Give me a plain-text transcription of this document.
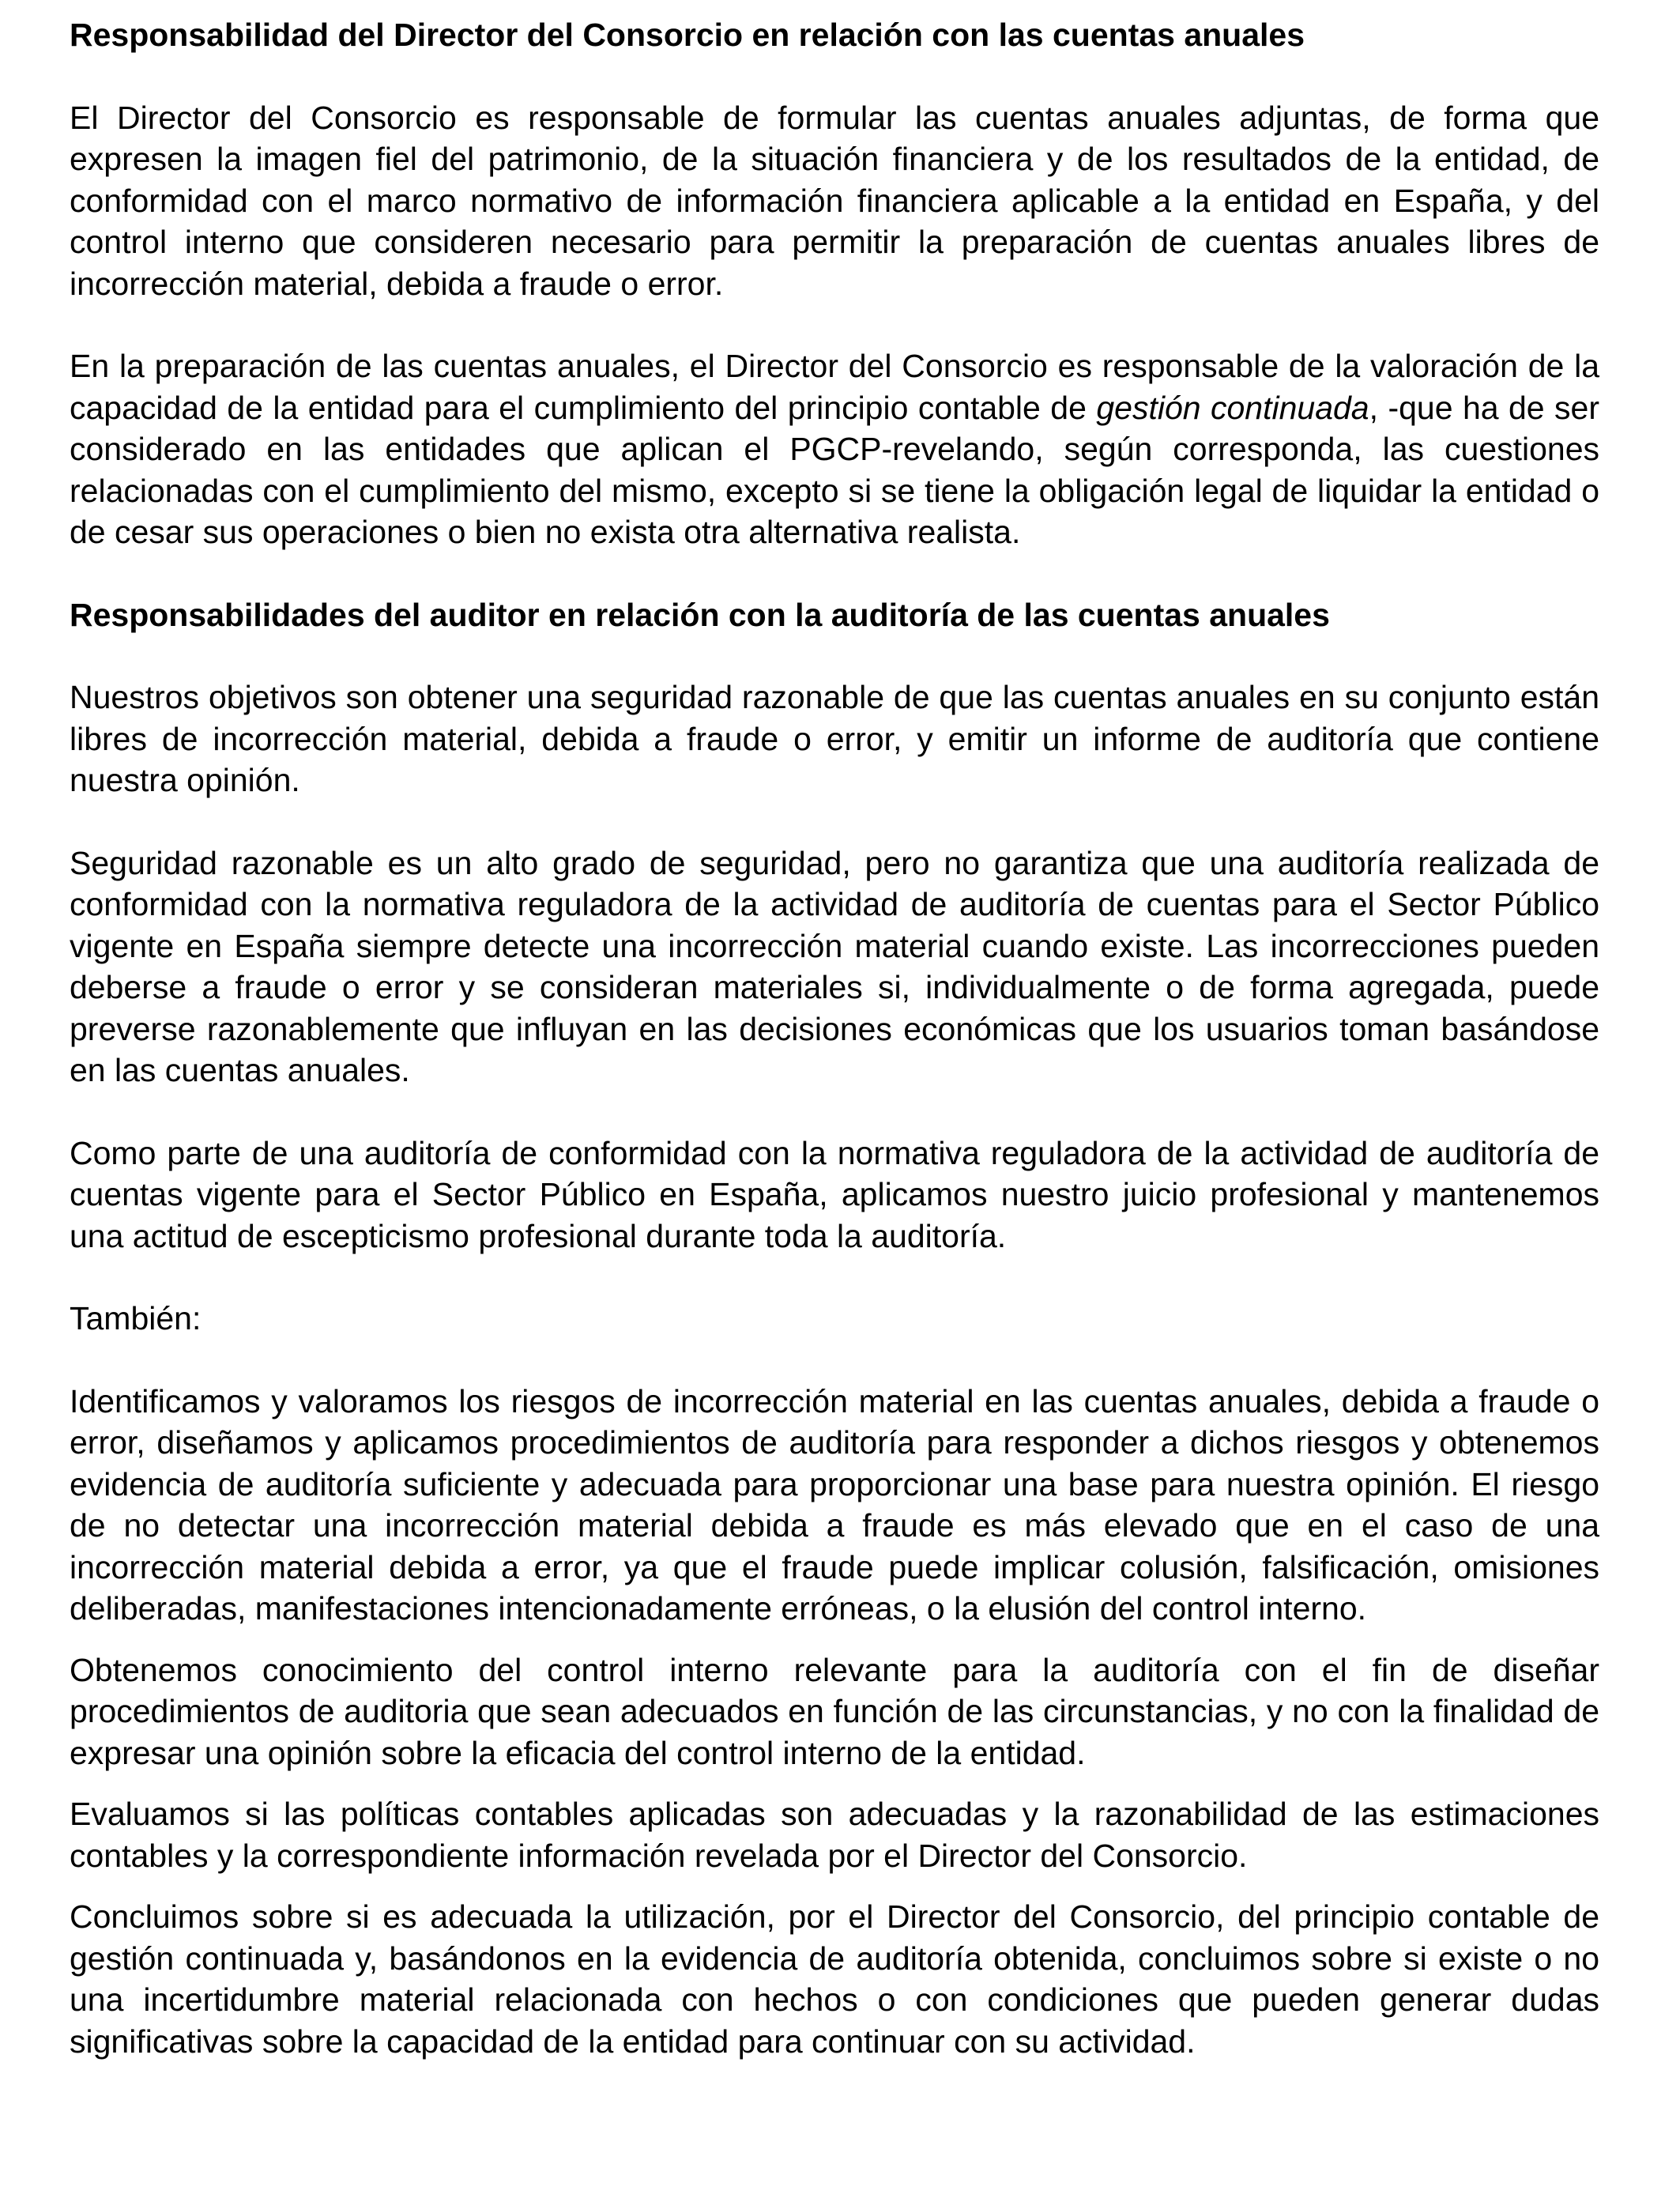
Responsabilidad del Director del Consorcio en relación con las cuentas anuales

El Director del Consorcio es responsable de formular las cuentas anuales adjuntas, de forma que expresen la imagen fiel del patrimonio, de la situación financiera y de los resultados de la entidad, de conformidad con el marco normativo de información financiera aplicable a la entidad en España, y del control interno que consideren necesario para permitir la preparación de cuentas anuales libres de incorrección material, debida a fraude o error.

En la preparación de las cuentas anuales, el Director del Consorcio es responsable de la valoración de la capacidad de la entidad para el cumplimiento del principio contable de gestión continuada, -que ha de ser considerado en las entidades que aplican el PGCP-revelando, según corresponda, las cuestiones relacionadas con el cumplimiento del mismo, excepto si se tiene la obligación legal de liquidar la entidad o de cesar sus operaciones o bien no exista otra alternativa realista.

Responsabilidades del auditor en relación con la auditoría de las cuentas anuales

Nuestros objetivos son obtener una seguridad razonable de que las cuentas anuales en su conjunto están libres de incorrección material, debida a fraude o error, y emitir un informe de auditoría que contiene nuestra opinión.

Seguridad razonable es un alto grado de seguridad, pero no garantiza que una auditoría realizada de conformidad con la normativa reguladora de la actividad de auditoría de cuentas para el Sector Público vigente en España siempre detecte una incorrección material cuando existe. Las incorrecciones pueden deberse a fraude o error y se consideran materiales si, individualmente o de forma agregada, puede preverse razonablemente que influyan en las decisiones económicas que los usuarios toman basándose en las cuentas anuales.

Como parte de una auditoría de conformidad con la normativa reguladora de la actividad de auditoría de cuentas vigente para el Sector Público en España, aplicamos nuestro juicio profesional y mantenemos una actitud de escepticismo profesional durante toda la auditoría.

También:

Identificamos y valoramos los riesgos de incorrección material en las cuentas anuales, debida a fraude o error, diseñamos y aplicamos procedimientos de auditoría para responder a dichos riesgos y obtenemos evidencia de auditoría suficiente y adecuada para proporcionar una base para nuestra opinión. El riesgo de no detectar una incorrección material debida a fraude es más elevado que en el caso de una incorrección material debida a error, ya que el fraude puede implicar colusión, falsificación, omisiones deliberadas, manifestaciones intencionadamente erróneas, o la elusión del control interno.

Obtenemos conocimiento del control interno relevante para la auditoría con el fin de diseñar procedimientos de auditoria que sean adecuados en función de las circunstancias, y no con la finalidad de expresar una opinión sobre la eficacia del control interno de la entidad.

Evaluamos si las políticas contables aplicadas son adecuadas y la razonabilidad de las estimaciones contables y la correspondiente información revelada por el Director del Consorcio.

Concluimos sobre si es adecuada la utilización, por el Director del Consorcio, del principio contable de gestión continuada y, basándonos en la evidencia de auditoría obtenida, concluimos sobre si existe o no una incertidumbre material relacionada con hechos o con condiciones que pueden generar dudas significativas sobre la capacidad de la entidad para continuar con su actividad.
